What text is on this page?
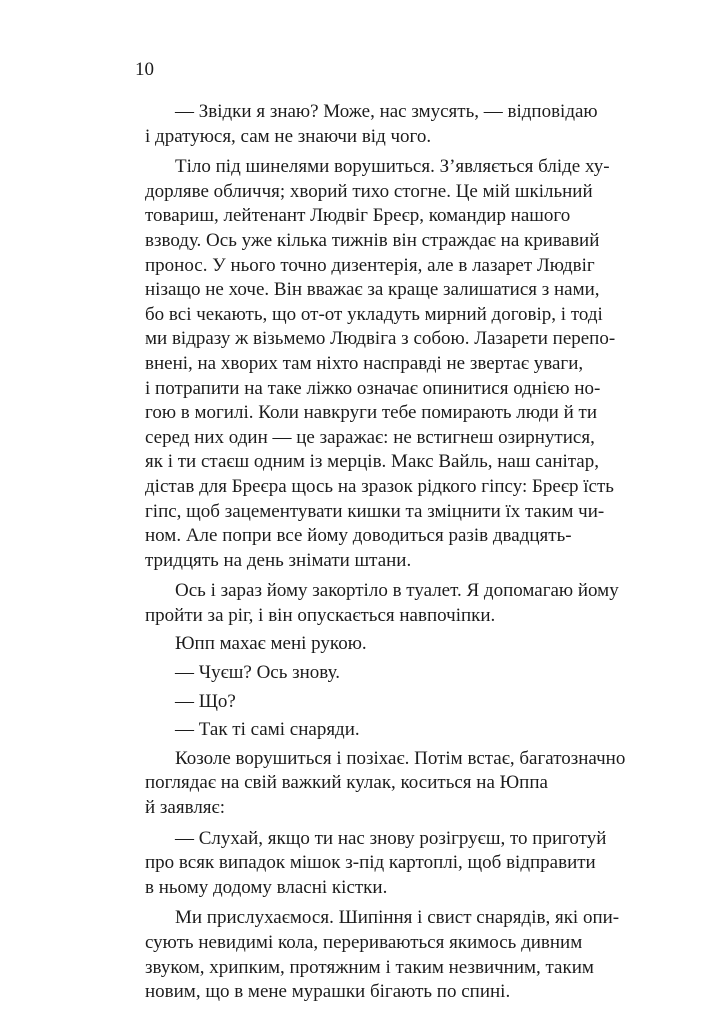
10
— Звідки я знаю? Може, нас змусять, — відповідаю
і дратуюся, сам не знаючи від чого.
Тіло під шинелями ворушиться. З’являється бліде ху-
дорляве обличчя; хворий тихо стогне. Це мій шкільний
товариш, лейтенант Людвіг Бреєр, командир нашого
взводу. Ось уже кілька тижнів він страждає на кривавий
пронос. У нього точно дизентерія, але в лазарет Людвіг
нізащо не хоче. Він вважає за краще залишатися з нами,
бо всі чекають, що от-от укладуть мирний договір, і тоді
ми відразу ж візьмемо Людвіга з собою. Лазарети перепо-
внені, на хворих там ніхто насправді не звертає уваги,
і потрапити на таке ліжко означає опинитися однією но-
гою в могилі. Коли навкруги тебе помирають люди й ти
серед них один — це заражає: не встигнеш озирнутися,
як і ти стаєш одним із мерців. Макс Вайль, наш санітар,
дістав для Бреєра щось на зразок рідкого гіпсу: Бреєр їсть
гіпс, щоб зацементувати кишки та зміцнити їх таким чи-
ном. Але попри все йому доводиться разів двадцять-
тридцять на день знімати штани.
Ось і зараз йому закортіло в туалет. Я допомагаю йому
пройти за ріг, і він опускається навпочіпки.
Юпп махає мені рукою.
— Чуєш? Ось знову.
— Що?
— Так ті самі снаряди.
Козоле ворушиться і позіхає. Потім встає, багатозначно
поглядає на свій важкий кулак, коситься на Юппа
й заявляє:
— Слухай, якщо ти нас знову розігруєш, то приготуй
про всяк випадок мішок з-під картоплі, щоб відправити
в ньому додому власні кістки.
Ми прислухаємося. Шипіння і свист снарядів, які опи-
сують невидимі кола, перериваються якимось дивним
звуком, хрипким, протяжним і таким незвичним, таким
новим, що в мене мурашки бігають по спині.
